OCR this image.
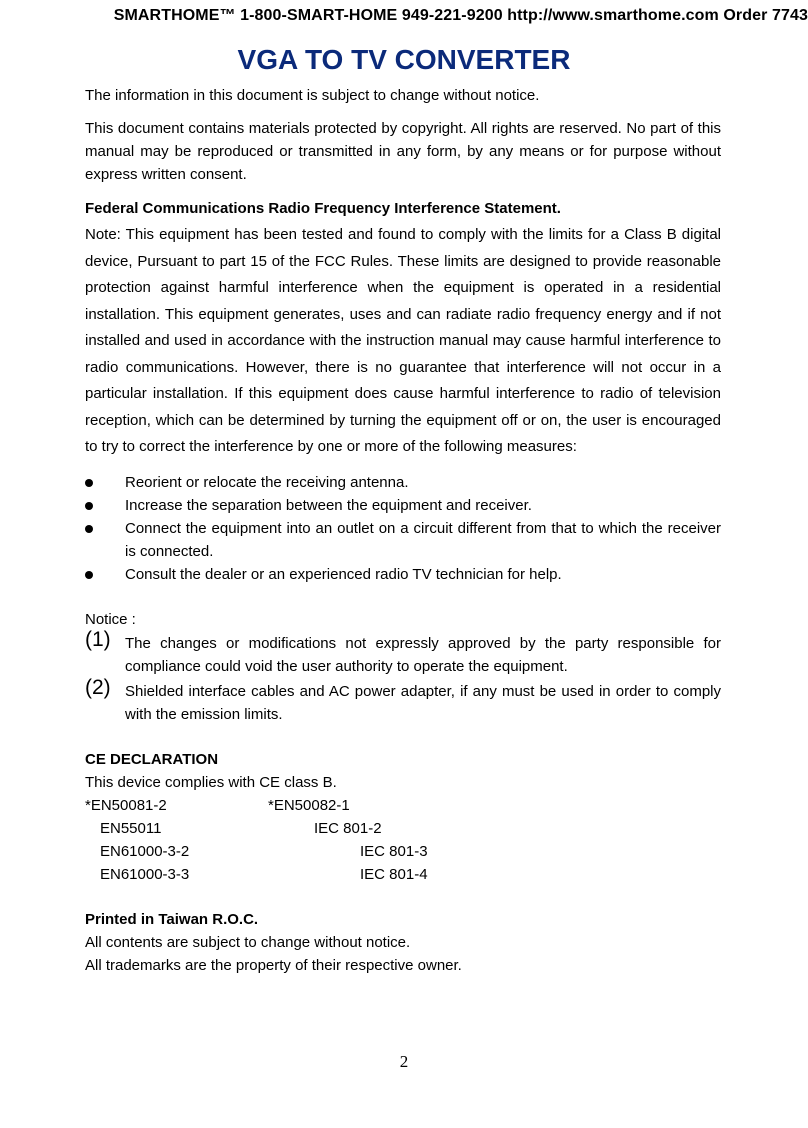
SMARTHOME™ 1-800-SMART-HOME 949-221-9200 http://www.smarthome.com Order 7743
VGA TO TV CONVERTER
The information in this document is subject to change without notice.
This document contains materials protected by copyright. All rights are reserved. No part of this manual may be reproduced or transmitted in any form, by any means or for purpose without express written consent.
Federal Communications Radio Frequency Interference Statement.
Note: This equipment has been tested and found to comply with the limits for a Class B digital device, Pursuant to part 15 of the FCC Rules. These limits are designed to provide reasonable protection against harmful interference when the equipment is operated in a residential installation. This equipment generates, uses and can radiate radio frequency energy and if not installed and used in accordance with the instruction manual may cause harmful interference to radio communications. However, there is no guarantee that interference will not occur in a particular installation. If this equipment does cause harmful interference to radio of television reception, which can be determined by turning the equipment off or on, the user is encouraged to try to correct the interference by one or more of the following measures:
Reorient or relocate the receiving antenna.
Increase the separation between the equipment and receiver.
Connect the equipment into an outlet on a circuit different from that to which the receiver is connected.
Consult the dealer or an experienced radio TV technician for help.
Notice :
(1) The changes or modifications not expressly approved by the party responsible for compliance could void the user authority to operate the equipment.
(2) Shielded interface cables and AC power adapter, if any must be used in order to comply with the emission limits.
CE DECLARATION
This device complies with CE class B.
*EN50081-2	*EN50082-1
EN55011	IEC 801-2
EN61000-3-2	IEC 801-3
EN61000-3-3	IEC 801-4
Printed in Taiwan R.O.C.
All contents are subject to change without notice.
All trademarks are the property of their respective owner.
2
